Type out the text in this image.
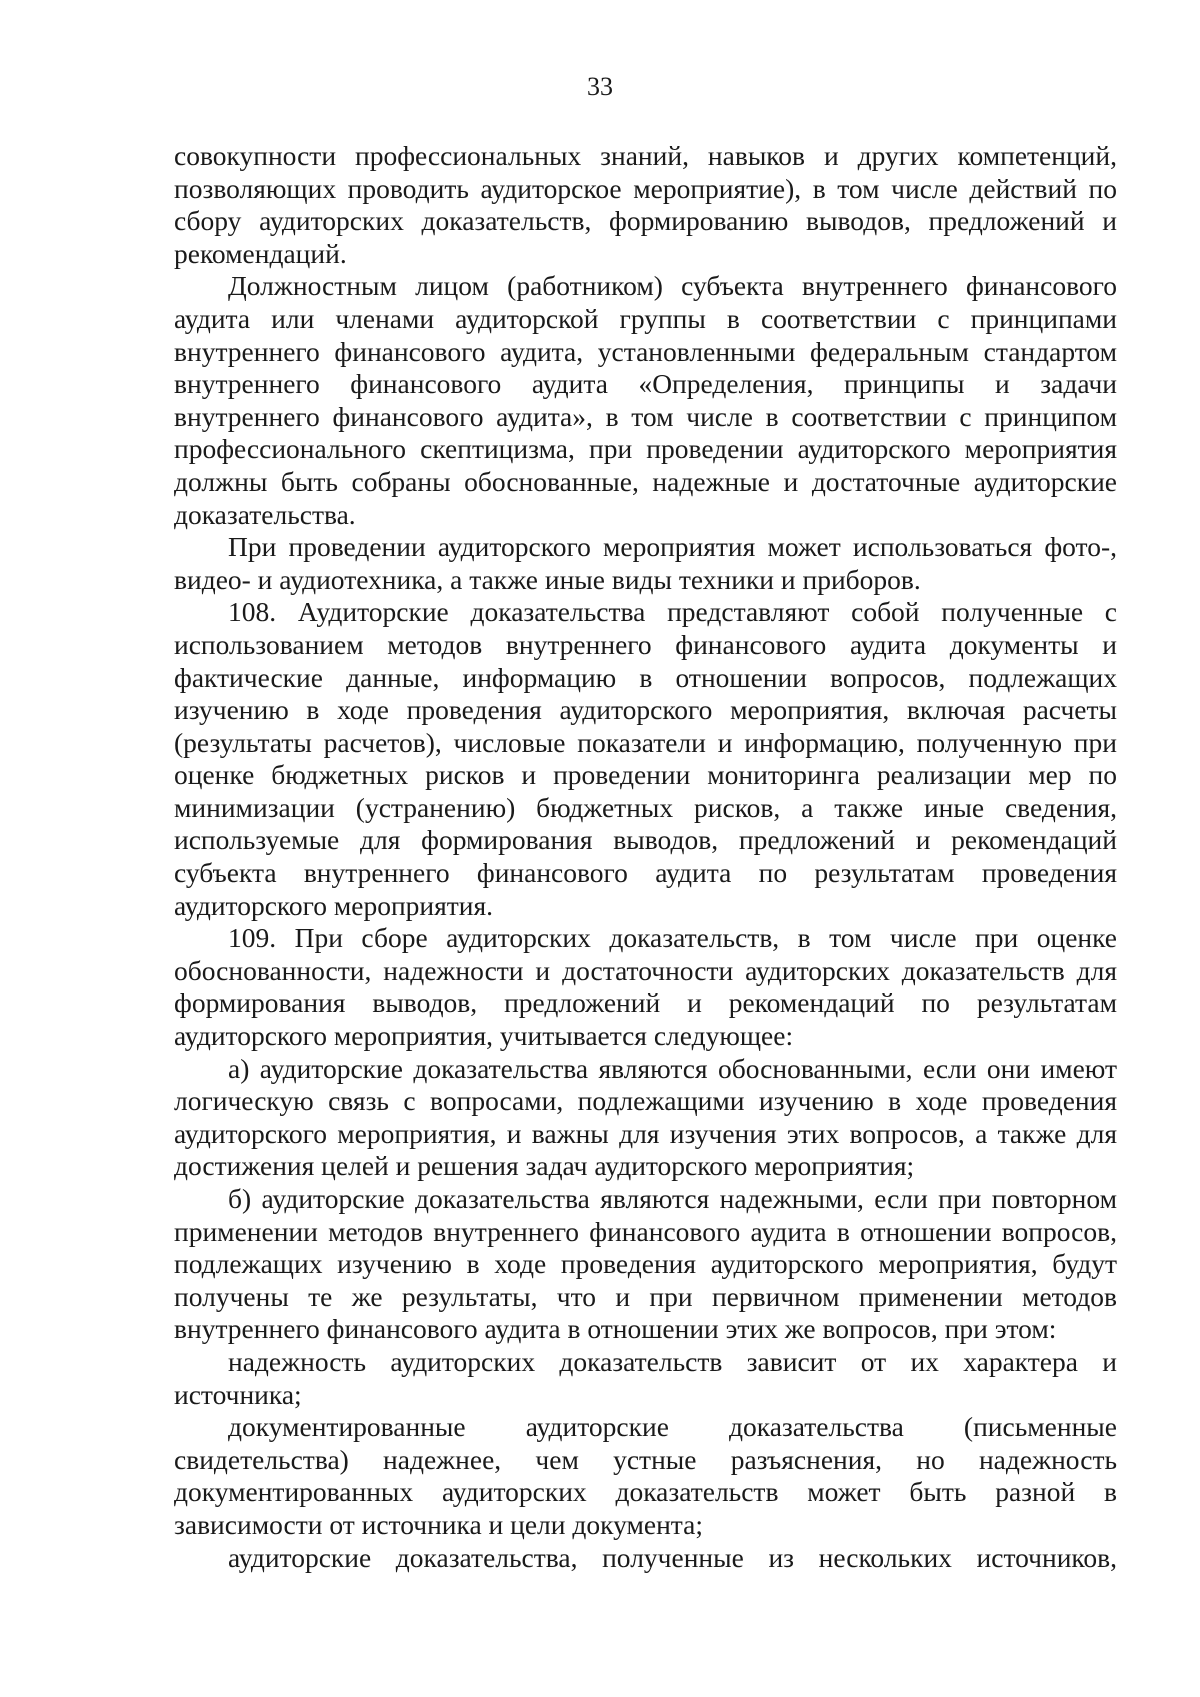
33

совокупности профессиональных знаний, навыков и других компетенций, позволяющих проводить аудиторское мероприятие), в том числе действий по сбору аудиторских доказательств, формированию выводов, предложений и рекомендаций.

Должностным лицом (работником) субъекта внутреннего финансового аудита или членами аудиторской группы в соответствии с принципами внутреннего финансового аудита, установленными федеральным стандартом внутреннего финансового аудита «Определения, принципы и задачи внутреннего финансового аудита», в том числе в соответствии с принципом профессионального скептицизма, при проведении аудиторского мероприятия должны быть собраны обоснованные, надежные и достаточные аудиторские доказательства.

При проведении аудиторского мероприятия может использоваться фото-, видео- и аудиотехника, а также иные виды техники и приборов.

108. Аудиторские доказательства представляют собой полученные с использованием методов внутреннего финансового аудита документы и фактические данные, информацию в отношении вопросов, подлежащих изучению в ходе проведения аудиторского мероприятия, включая расчеты (результаты расчетов), числовые показатели и информацию, полученную при оценке бюджетных рисков и проведении мониторинга реализации мер по минимизации (устранению) бюджетных рисков, а также иные сведения, используемые для формирования выводов, предложений и рекомендаций субъекта внутреннего финансового аудита по результатам проведения аудиторского мероприятия.

109. При сборе аудиторских доказательств, в том числе при оценке обоснованности, надежности и достаточности аудиторских доказательств для формирования выводов, предложений и рекомендаций по результатам аудиторского мероприятия, учитывается следующее:

а) аудиторские доказательства являются обоснованными, если они имеют логическую связь с вопросами, подлежащими изучению в ходе проведения аудиторского мероприятия, и важны для изучения этих вопросов, а также для достижения целей и решения задач аудиторского мероприятия;

б) аудиторские доказательства являются надежными, если при повторном применении методов внутреннего финансового аудита в отношении вопросов, подлежащих изучению в ходе проведения аудиторского мероприятия, будут получены те же результаты, что и при первичном применении методов внутреннего финансового аудита в отношении этих же вопросов, при этом:

надежность аудиторских доказательств зависит от их характера и источника;

документированные аудиторские доказательства (письменные свидетельства) надежнее, чем устные разъяснения, но надежность документированных аудиторских доказательств может быть разной в зависимости от источника и цели документа;

аудиторские доказательства, полученные из нескольких источников,
